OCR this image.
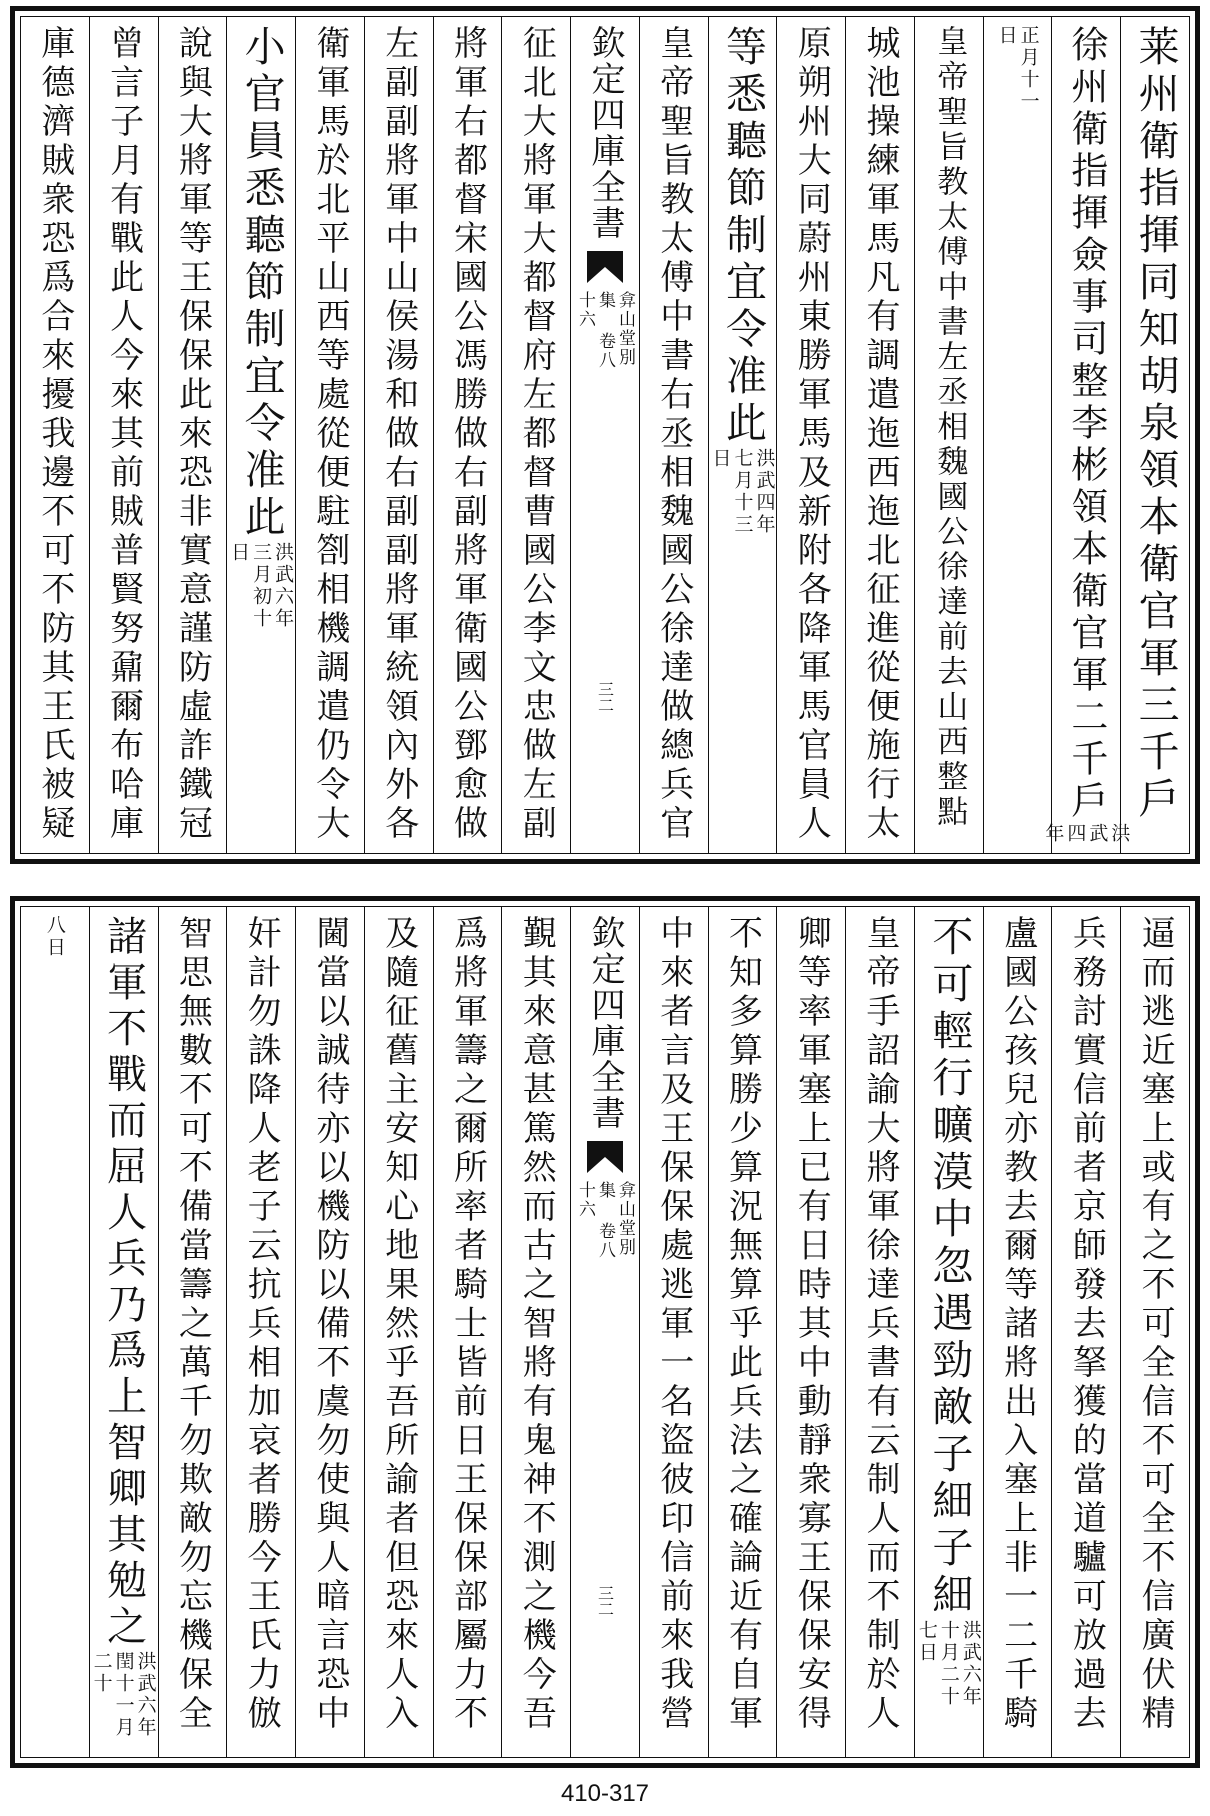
莱州衛指揮同知胡泉領本衛官軍三千戶
徐州衛指揮僉事司整李彬領本衛官軍二千戶
洪武四年
正月十一日
皇帝聖旨教太傅中書左丞相魏國公徐達前去山西整點
城池操練軍馬凡有調遣迤西迤北征進從便施行太
原朔州大同蔚州東勝軍馬及新附各降軍馬官員人
等悉聽節制宜令准此
洪武四年七月十三日
皇帝聖旨教太傅中書右丞相魏國公徐達做總兵官
欽定四庫全書
弇山堂別集 卷八十六
三二
征北大將軍大都督府左都督曹國公李文忠做左副
將軍右都督宋國公馮勝做右副將軍衛國公鄧愈做
左副副將軍中山侯湯和做右副副將軍統領內外各
衛軍馬於北平山西等處從便駐劄相機調遣仍令大
小官員悉聽節制宜令准此
洪武六年三月初十日
說與大將軍等王保保此來恐非實意謹防虛詐鐵冠
曾言子月有戰此人今來其前賊普賢努鼐爾布哈庫
庫德濟賊衆恐爲合來擾我邊不可不防其王氏被疑
逼而逃近塞上或有之不可全信不可全不信廣伏精
兵務討實信前者京師發去拏獲的當道驢可放過去
盧國公孩兒亦教去爾等諸將出入塞上非一二千騎
不可輕行曠漠中忽遇勁敵子細子細
洪武六年十月二十七日
皇帝手詔諭大將軍徐達兵書有云制人而不制於人
卿等率軍塞上已有日時其中動靜衆寡王保保安得
不知多算勝少算況無算乎此兵法之確論近有自軍
中來者言及王保保處逃軍一名盜彼印信前來我營
欽定四庫全書
弇山堂別集 卷八十六
三二
覲其來意甚篤然而古之智將有鬼神不測之機今吾
爲將軍籌之爾所率者騎士皆前日王保保部屬力不
及隨征舊主安知心地果然乎吾所諭者但恐來人入
閫當以誠待亦以機防以備不虞勿使與人暗言恐中
奸計勿誅降人老子云抗兵相加哀者勝今王氏力倣
智思無數不可不備當籌之萬千勿欺敵勿忘機保全
諸軍不戰而屈人兵乃爲上智卿其勉之
洪武六年閏十一月二十
八日
410-317
